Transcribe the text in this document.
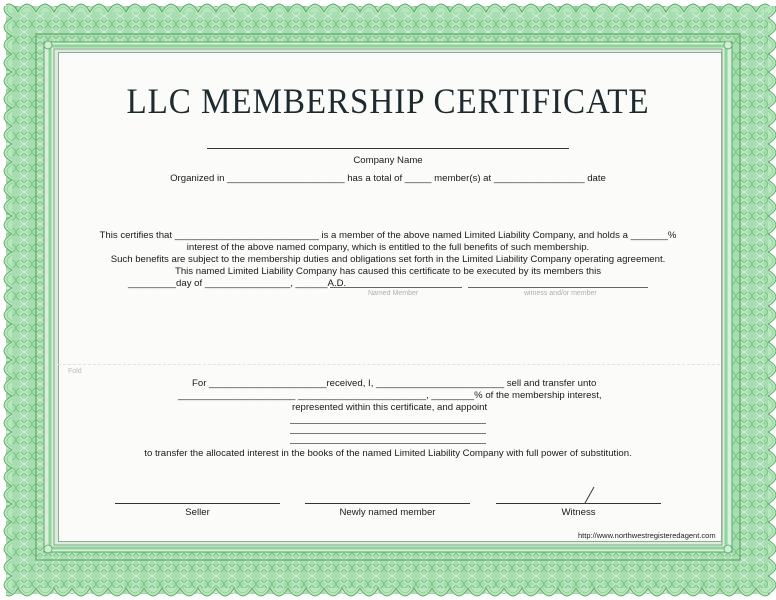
LLC MEMBERSHIP CERTIFICATE
Company Name
Organized in ______________________ has a total of _____ member(s) at _________________ date
This certifies that ___________________________ is a member of the above named Limited Liability Company, and holds a _______%
interest of the above named company, which is entitled to the full benefits of such membership.
Such benefits are subject to the membership duties and obligations set forth in the Limited Liability Company operating agreement.
This named Limited Liability Company has caused this certificate to be executed by its members this
_________day of ________________, ______A.D.
Named Member	witness and/or member
Fold
For ______________________received, I, ________________________ sell and transfer unto
______________________ ________________________, ________% of the membership interest,
represented within this certificate, and appoint
to transfer the allocated interest in the books of the named Limited Liability Company with full power of substitution.
Seller	Newly named member	Witness
http://www.northwestregisteredagent.com
